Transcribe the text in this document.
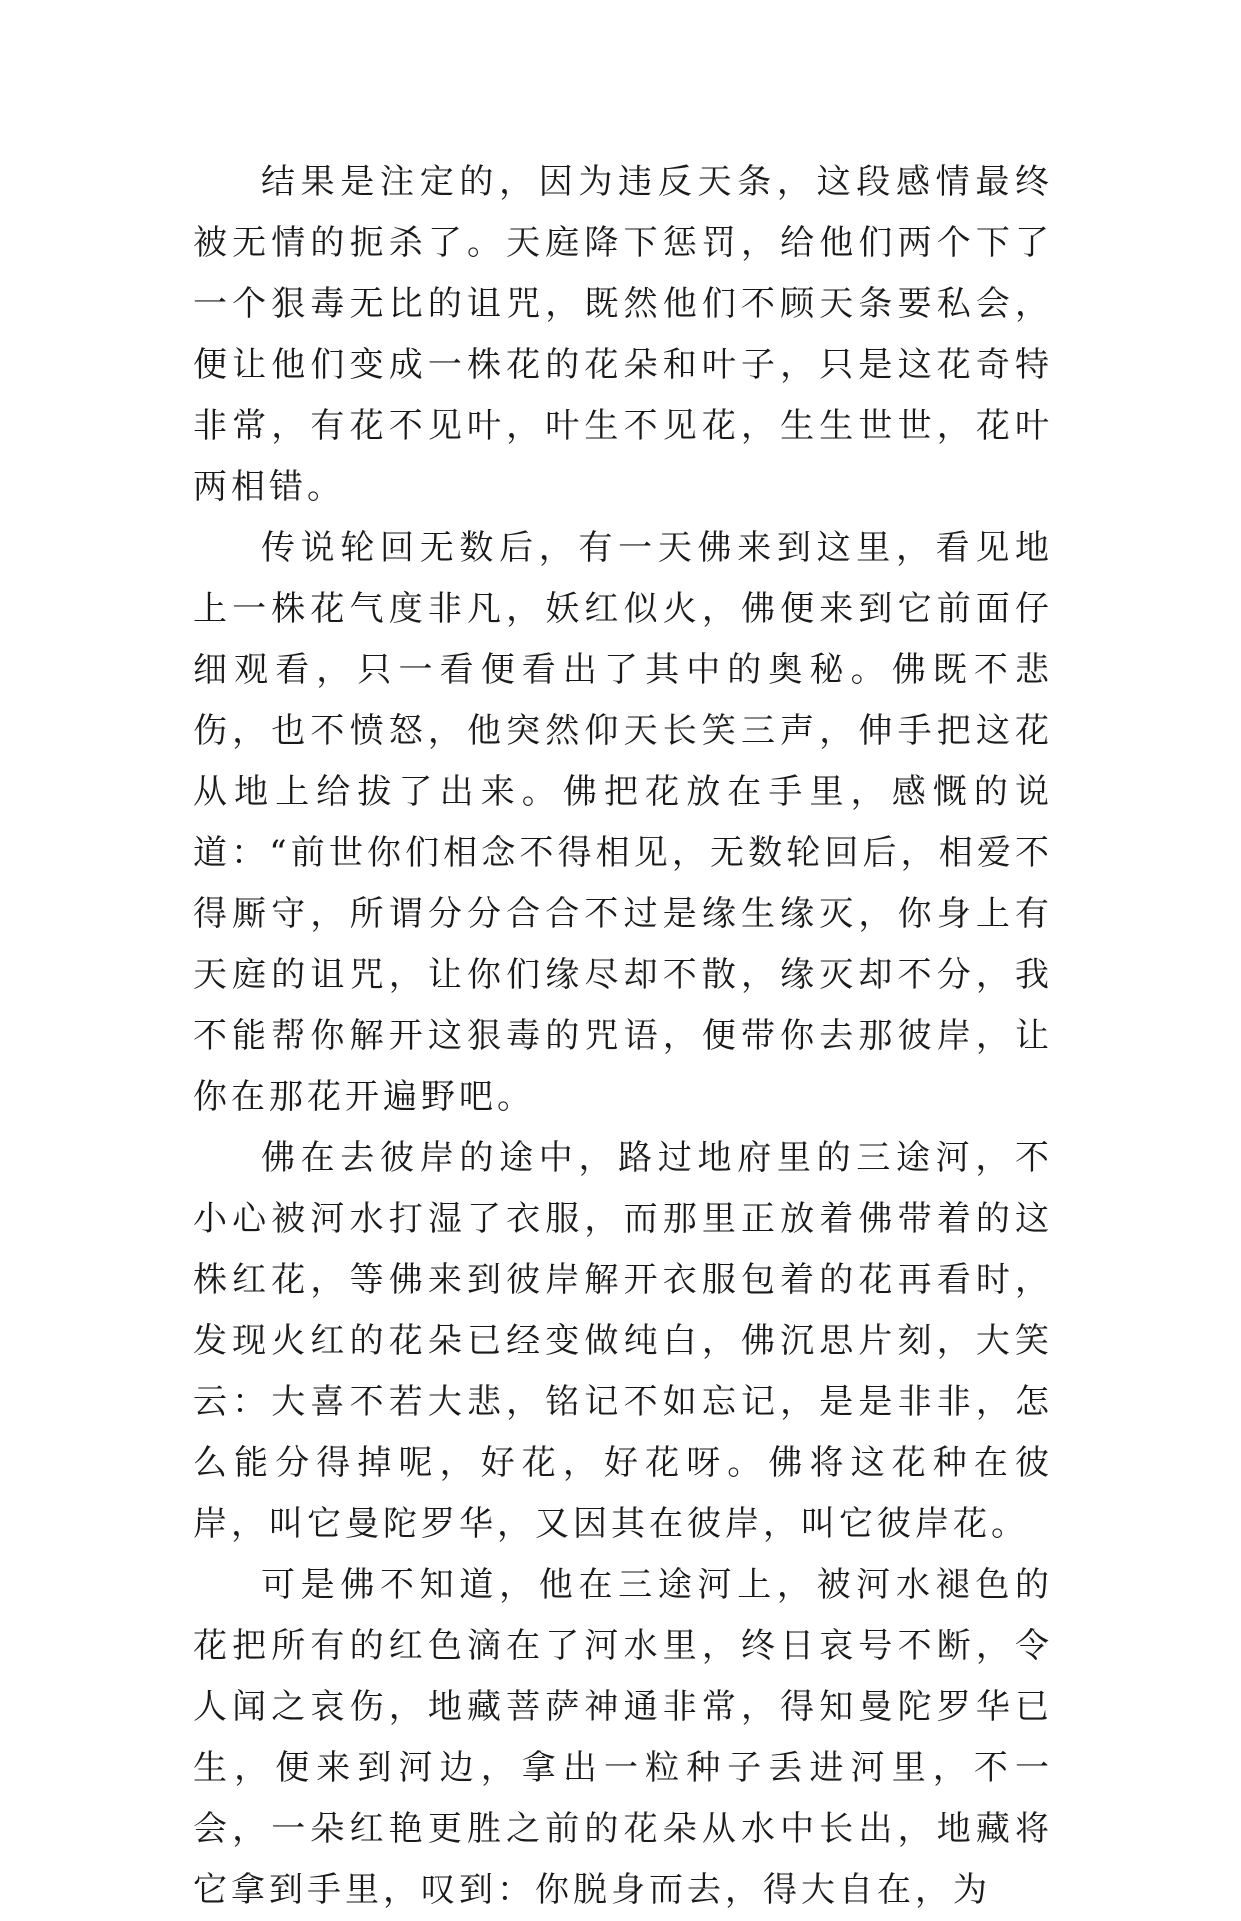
结果是注定的，因为违反天条，这段感情最终被无情的扼杀了。天庭降下惩罚，给他们两个下了一个狠毒无比的诅咒，既然他们不顾天条要私会，便让他们变成一株花的花朵和叶子，只是这花奇特非常，有花不见叶，叶生不见花，生生世世，花叶两相错。

传说轮回无数后，有一天佛来到这里，看见地上一株花气度非凡，妖红似火，佛便来到它前面仔细观看，只一看便看出了其中的奥秘。佛既不悲伤，也不愤怒，他突然仰天长笑三声，伸手把这花从地上给拔了出来。佛把花放在手里，感慨的说道：“前世你们相念不得相见，无数轮回后，相爱不得厮守，所谓分分合合不过是缘生缘灭，你身上有天庭的诅咒，让你们缘尽却不散，缘灭却不分，我不能帮你解开这狠毒的咒语，便带你去那彼岸，让你在那花开遍野吧。

佛在去彼岸的途中，路过地府里的三途河，不小心被河水打湿了衣服，而那里正放着佛带着的这株红花，等佛来到彼岸解开衣服包着的花再看时，发现火红的花朵已经变做纯白，佛沉思片刻，大笑云：大喜不若大悲，铭记不如忘记，是是非非，怎么能分得掉呢，好花，好花呀。佛将这花种在彼岸，叫它曼陀罗华，又因其在彼岸，叫它彼岸花。

可是佛不知道，他在三途河上，被河水褪色的花把所有的红色滴在了河水里，终日哀号不断，令人闻之哀伤，地藏菩萨神通非常，得知曼陀罗华已生，便来到河边，拿出一粒种子丢进河里，不一会，一朵红艳更胜之前的花朵从水中长出，地藏将它拿到手里，叹到：你脱身而去，得大自在，为
